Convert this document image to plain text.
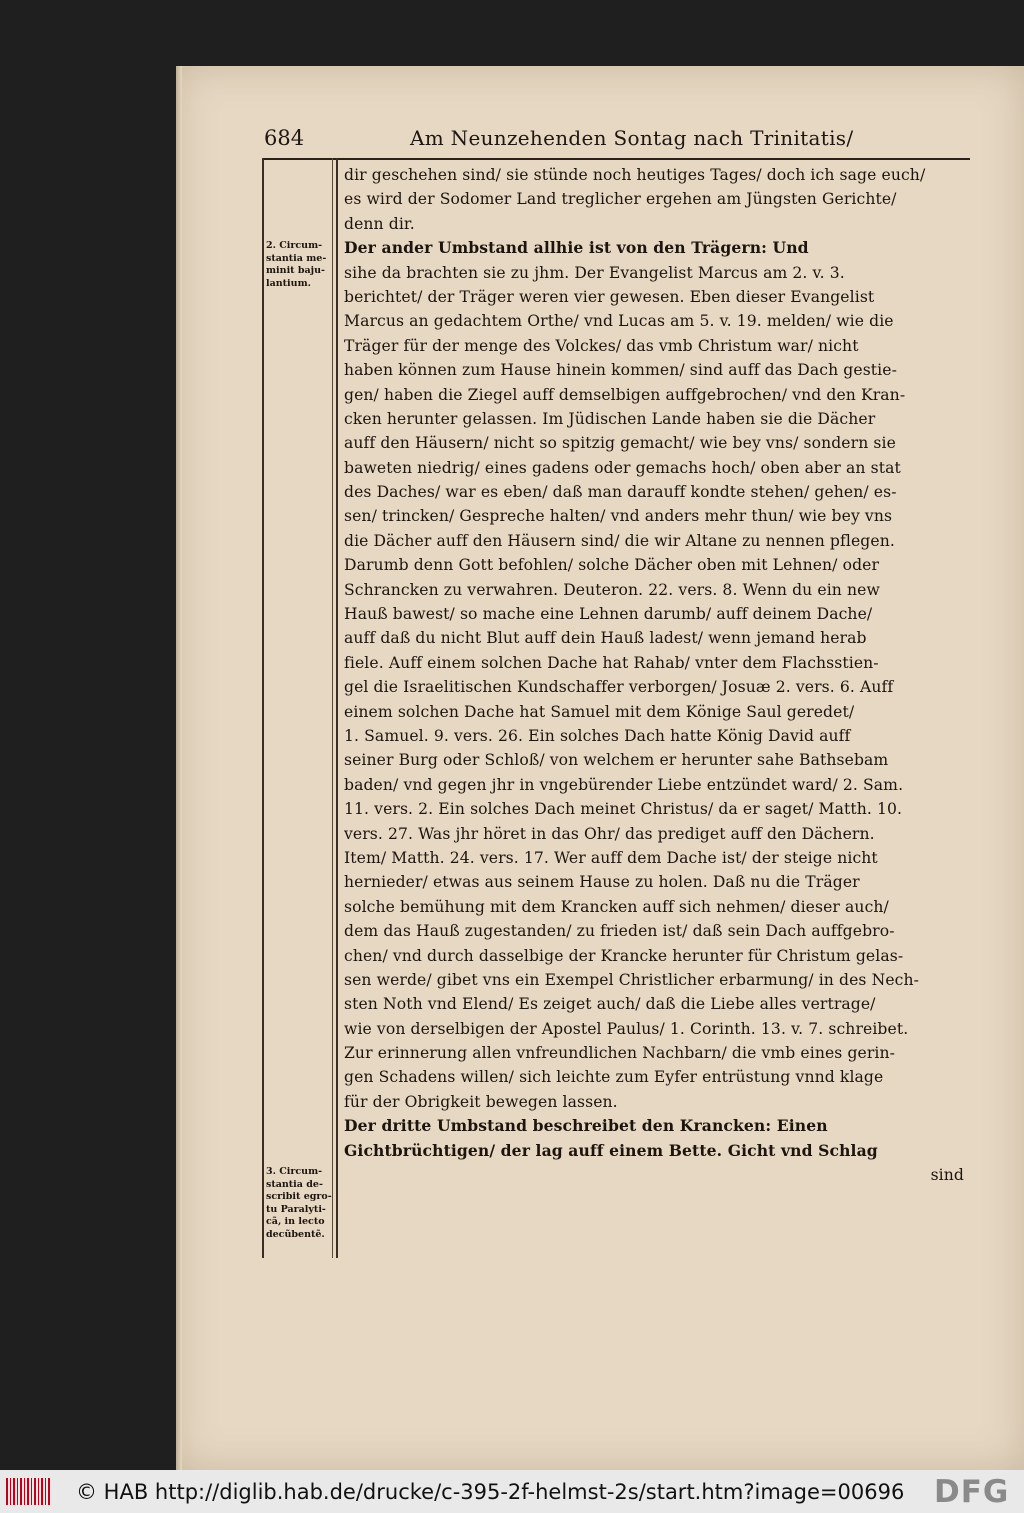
684	Am Neunzehenden Sontag nach Trinitatis/
2. Circum-
stantia me-
minit baju-
lantium.
3. Circum-
stantia de-
scribit egro-
tu Paralyti-
cã, in lecto
decũbentẽ.
dir geschehen sind/ sie stünde noch heutiges Tages/ doch ich sage euch/
es wird der Sodomer Land treglicher ergehen am Jüngsten Gerichte/
denn dir.
Der ander Umbstand allhie ist von den Trägern: Und
sihe da brachten sie zu jhm. Der Evangelist Marcus am 2. v. 3.
berichtet/ der Träger weren vier gewesen. Eben dieser Evangelist
Marcus an gedachtem Orthe/ vnd Lucas am 5. v. 19. melden/ wie die
Träger für der menge des Volckes/ das vmb Christum war/ nicht
haben können zum Hause hinein kommen/ sind auff das Dach gestie-
gen/ haben die Ziegel auff demselbigen auffgebrochen/ vnd den Kran-
cken herunter gelassen. Im Jüdischen Lande haben sie die Dächer
auff den Häusern/ nicht so spitzig gemacht/ wie bey vns/ sondern sie
baweten niedrig/ eines gadens oder gemachs hoch/ oben aber an stat
des Daches/ war es eben/ daß man darauff kondte stehen/ gehen/ es-
sen/ trincken/ Gespreche halten/ vnd anders mehr thun/ wie bey vns
die Dächer auff den Häusern sind/ die wir Altane zu nennen pflegen.
Darumb denn Gott befohlen/ solche Dächer oben mit Lehnen/ oder
Schrancken zu verwahren. Deuteron. 22. vers. 8. Wenn du ein new
Hauß bawest/ so mache eine Lehnen darumb/ auff deinem Dache/
auff daß du nicht Blut auff dein Hauß ladest/ wenn jemand herab
fiele. Auff einem solchen Dache hat Rahab/ vnter dem Flachsstien-
gel die Israelitischen Kundschaffer verborgen/ Josuæ 2. vers. 6. Auff
einem solchen Dache hat Samuel mit dem Könige Saul geredet/
1. Samuel. 9. vers. 26. Ein solches Dach hatte König David auff
seiner Burg oder Schloß/ von welchem er herunter sahe Bathsebam
baden/ vnd gegen jhr in vngebürender Liebe entzündet ward/ 2. Sam.
11. vers. 2. Ein solches Dach meinet Christus/ da er saget/ Matth. 10.
vers. 27. Was jhr höret in das Ohr/ das prediget auff den Dächern.
Item/ Matth. 24. vers. 17. Wer auff dem Dache ist/ der steige nicht
hernieder/ etwas aus seinem Hause zu holen. Daß nu die Träger
solche bemühung mit dem Krancken auff sich nehmen/ dieser auch/
dem das Hauß zugestanden/ zu frieden ist/ daß sein Dach auffgebro-
chen/ vnd durch dasselbige der Krancke herunter für Christum gelas-
sen werde/ gibet vns ein Exempel Christlicher erbarmung/ in des Nech-
sten Noth vnd Elend/ Es zeiget auch/ daß die Liebe alles vertrage/
wie von derselbigen der Apostel Paulus/ 1. Corinth. 13. v. 7. schreibet.
Zur erinnerung allen vnfreundlichen Nachbarn/ die vmb eines gerin-
gen Schadens willen/ sich leichte zum Eyfer entrüstung vnnd klage
für der Obrigkeit bewegen lassen.
Der dritte Umbstand beschreibet den Krancken: Einen
Gichtbrüchtigen/ der lag auff einem Bette. Gicht vnd Schlag
sind
© HAB http://diglib.hab.de/drucke/c-395-2f-helmst-2s/start.htm?image=00696 DFG
